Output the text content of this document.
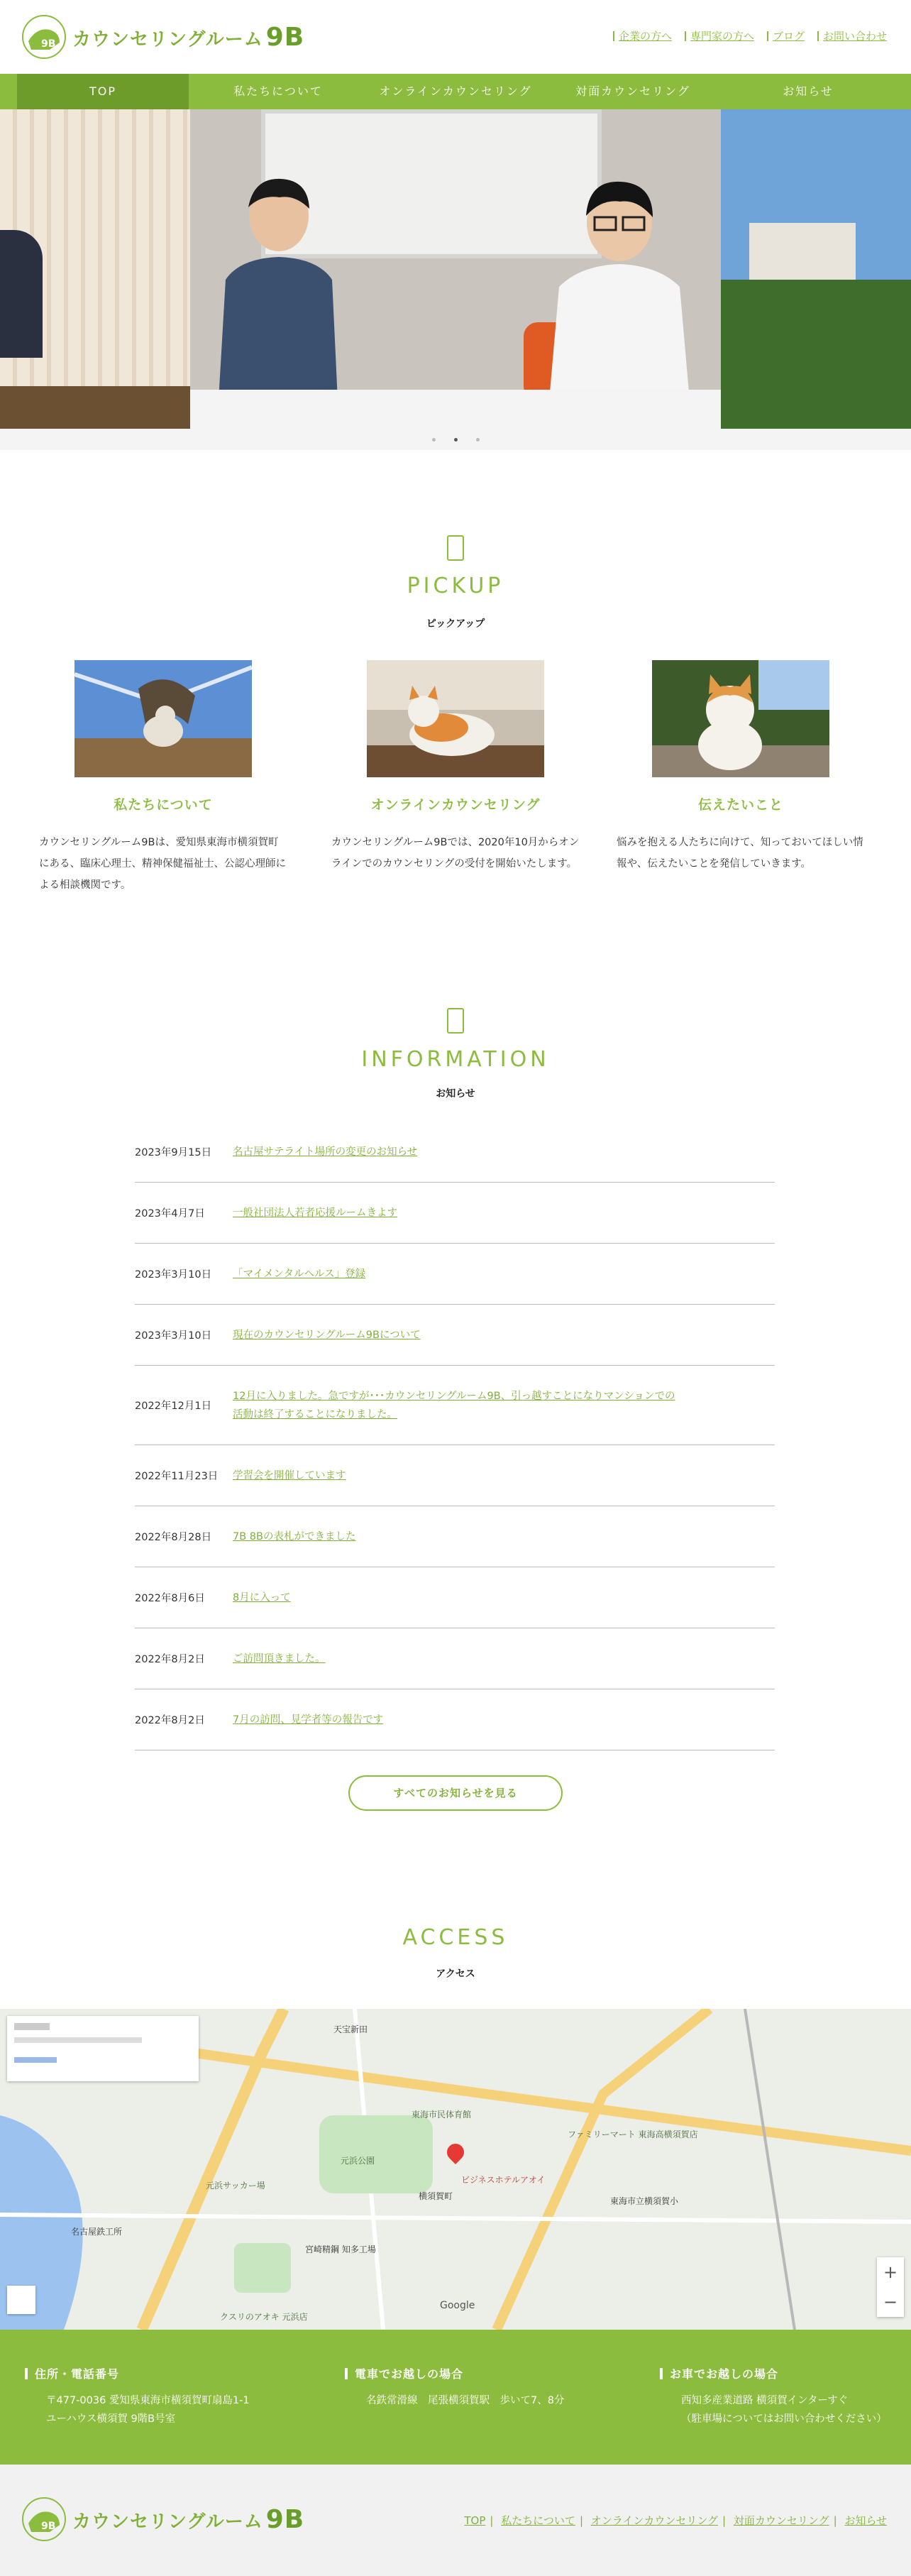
9B カウンセリングルーム 9B	企業の方へ	専門家の方へ	ブログ	お問い合わせ
TOP	私たちについて	オンラインカウンセリング	対面カウンセリング	お知らせ
PICKUP
ピックアップ
私たちについて

カウンセリングルーム9Bは、愛知県東海市横須賀町にある、臨床心理士、精神保健福祉士、公認心理師による相談機関です。

オンラインカウンセリング

カウンセリングルーム9Bでは、2020年10月からオンラインでのカウンセリングの受付を開始いたします。

伝えたいこと

悩みを抱える人たちに向けて、知っておいてほしい情報や、伝えたいことを発信していきます。

INFORMATION
お知らせ
2023年9月15日	名古屋サテライト場所の変更のお知らせ
2023年4月7日	一般社団法人若者応援ルームきよす
2023年3月10日	「マイメンタルヘルス」登録
2023年3月10日	現在のカウンセリングルーム9Bについて
2022年12月1日
12月に入りました。急ですが･･･カウンセリングルーム9B、引っ越すことになりマンションでの活動は終了することになりました。
2022年11月23日	学習会を開催しています
2022年8月28日	7B 8Bの表札ができました
2022年8月6日	8月に入って
2022年8月2日	ご訪問頂きました。
2022年8月2日	7月の訪問、見学者等の報告です
すべてのお知らせを見る
ACCESS
アクセス
東海市民体育館
元浜公園
ビジネスホテルアオイ
横須賀町	東海市立横須賀小
元浜サッカー場
宮崎精鋼 知多工場
名古屋鉄工所
天宝新田
ファミリーマート 東海高横須賀店
クスリのアオキ 元浜店
Google
+
−
住所・電話番号

〒477-0036 愛知県東海市横須賀町扇島1-1
ユーハウス横須賀 9階B号室

電車でお越しの場合

名鉄常滑線　尾張横須賀駅　歩いて7、8分

お車でお越しの場合

西知多産業道路 横須賀インターすぐ
（駐車場についてはお問い合わせください）

9B カウンセリングルーム 9B	TOP | 私たちについて | オンラインカウンセリング | 対面カウンセリング | お知らせ
